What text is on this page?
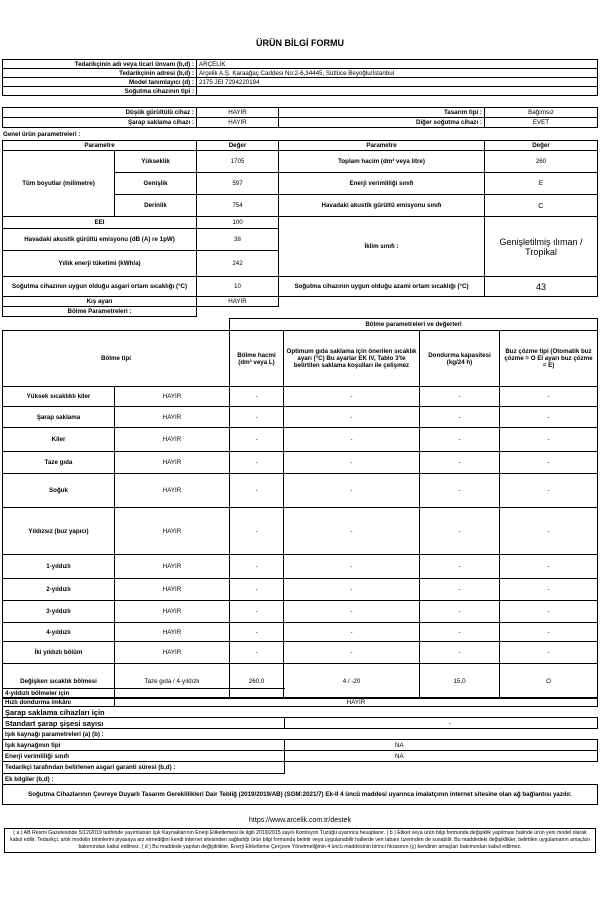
ÜRÜN BİLGİ FORMU
Tedarikçinin adı veya ticari ünvanı (b,d) :	ARÇELİK
Tedarikçinin adresi (b,d) :	Arçelik A.Ş. Karaağaç Caddesi No:2-6,34445, Sütlüce Beyoğlu/İstanbul
Model tanımlayıcı (d) :	2175 JEI 7294220194
Soğutma cihazının tipi :	
Düşük gürültülü cihaz :	HAYIR	Tasarım tipi :	Bağımsız
Şarap saklama cihazı :	HAYIR	Diğer soğutma cihazı :	EVET
Genel ürün parametreleri :
Parametre		Değer	Parametre	Değer
Tüm boyutlar (milimetre)	Yükseklik	1705	Toplam hacim (dm³ veya litre)	260
	Genişlik	597	Enerji verimliliği sınıfı	E
	Derinlik	754	Havadaki akustik gürültü emisyonu sınıfı	C
EEI		100	İklim sınıfı :	Genişletilmiş ılıman / Tropikal
Havadaki akustik gürültü emisyonu (dB (A) re 1pW)		38		
Yıllık enerji tüketimi (kWh/a)		242		
Soğutma cihazının uygun olduğu asgari ortam sıcaklığı (°C)		10	Soğutma cihazının uygun olduğu azami ortam sıcaklığı (°C)	43
Kış ayarı		HAYIR		
Bölme Parametreleri :				
		Bölme parametreleri ve değerleri			
Bölme tipi		Bölme hacmi (dm³ veya L)	Optimum gıda saklama için önerilen sıcaklık ayarı (°C) Bu ayarlar EK IV, Tablo 3'te belirtilen saklama koşulları ile çelişmez	Dondurma kapasitesi (kg/24 h)	Buz çözme tipi (Otomatik buz çözme = O El ayarı buz çözme = E)
Yüksek sıcaklıklı kiler	HAYIR	-	-	-	-
Şarap saklama	HAYIR	-	-	-	-
Kiler	HAYIR	-	-	-	-
Taze gıda	HAYIR	-	-	-	-
Soğuk	HAYIR	-	-	-	-
Yıldızsız (buz yapıcı)	HAYIR	-	-	-	-
1-yıldızlı	HAYIR	-	-	-	-
2-yıldızlı	HAYIR	-	-	-	-
3-yıldızlı	HAYIR	-	-	-	-
4-yıldızlı	HAYIR	-	-	-	-
İki yıldızlı bölüm	HAYIR	-	-	-	-
Değişken sıcaklık bölmesi	Taze gıda / 4-yıldızlı	260,0	4 / -20	15,0	O
4-yıldızlı bölmeler için		
Hızlı dondurma imkânı	HAYIR	
Şarap saklama cihazları için		
Standart şarap şişesi sayısı		-
Işık kaynağı parametreleri (a) (b) :		
Işık kaynağının tipi		NA
Enerji verimliliği sınıfı		NA
Tedarikçi tarafından belirlenen asgari garanti süresi (b,d) :		
Ek bilgiler (b,d) :		
Soğutma Cihazlarının Çevreye Duyarlı Tasarım Gereklilikleri Dair Tebliğ (2019/2019/AB) (SGM:2021/7) Ek-II 4 üncü maddesi uyarınca imalatçının internet sitesine olan ağ bağlantısı yazılır.		
https://www.arcelik.com.tr/destek
( a ) AB Resmi Gazetesinde 5/12/2019 tarihinde yayımlanan Işık Kaynaklarının Enerji Etiketlemesi ile ilgili 2019/2015 sayılı Komisyon Tüzüğü uyarınca hesaplanır. ( b ) Etiket veya ürün bilgi formunda değişiklik yapılması halinde ürün yeni model olarak kabul edilir. Tedarikçi, artık modelin birimlerini piyasaya arz etmediğini kendi internet sitesinden sağladığı ürün bilgi formunda belirtir veya uygulanabilir hallerde veri tabanı üzerinden de sunabilir. Bu maddedeki değişiklikler, belirtilen uygulamanın amaçları bakımından kabul edilmez. ( d ) Bu maddede yapılan değişiklikler, Enerji Etiketleme Çerçeve Yönetmeliğinin 4 üncü maddesinin birinci fıkrasının (ç) bendinin amaçları bakımından kabul edilmez.
